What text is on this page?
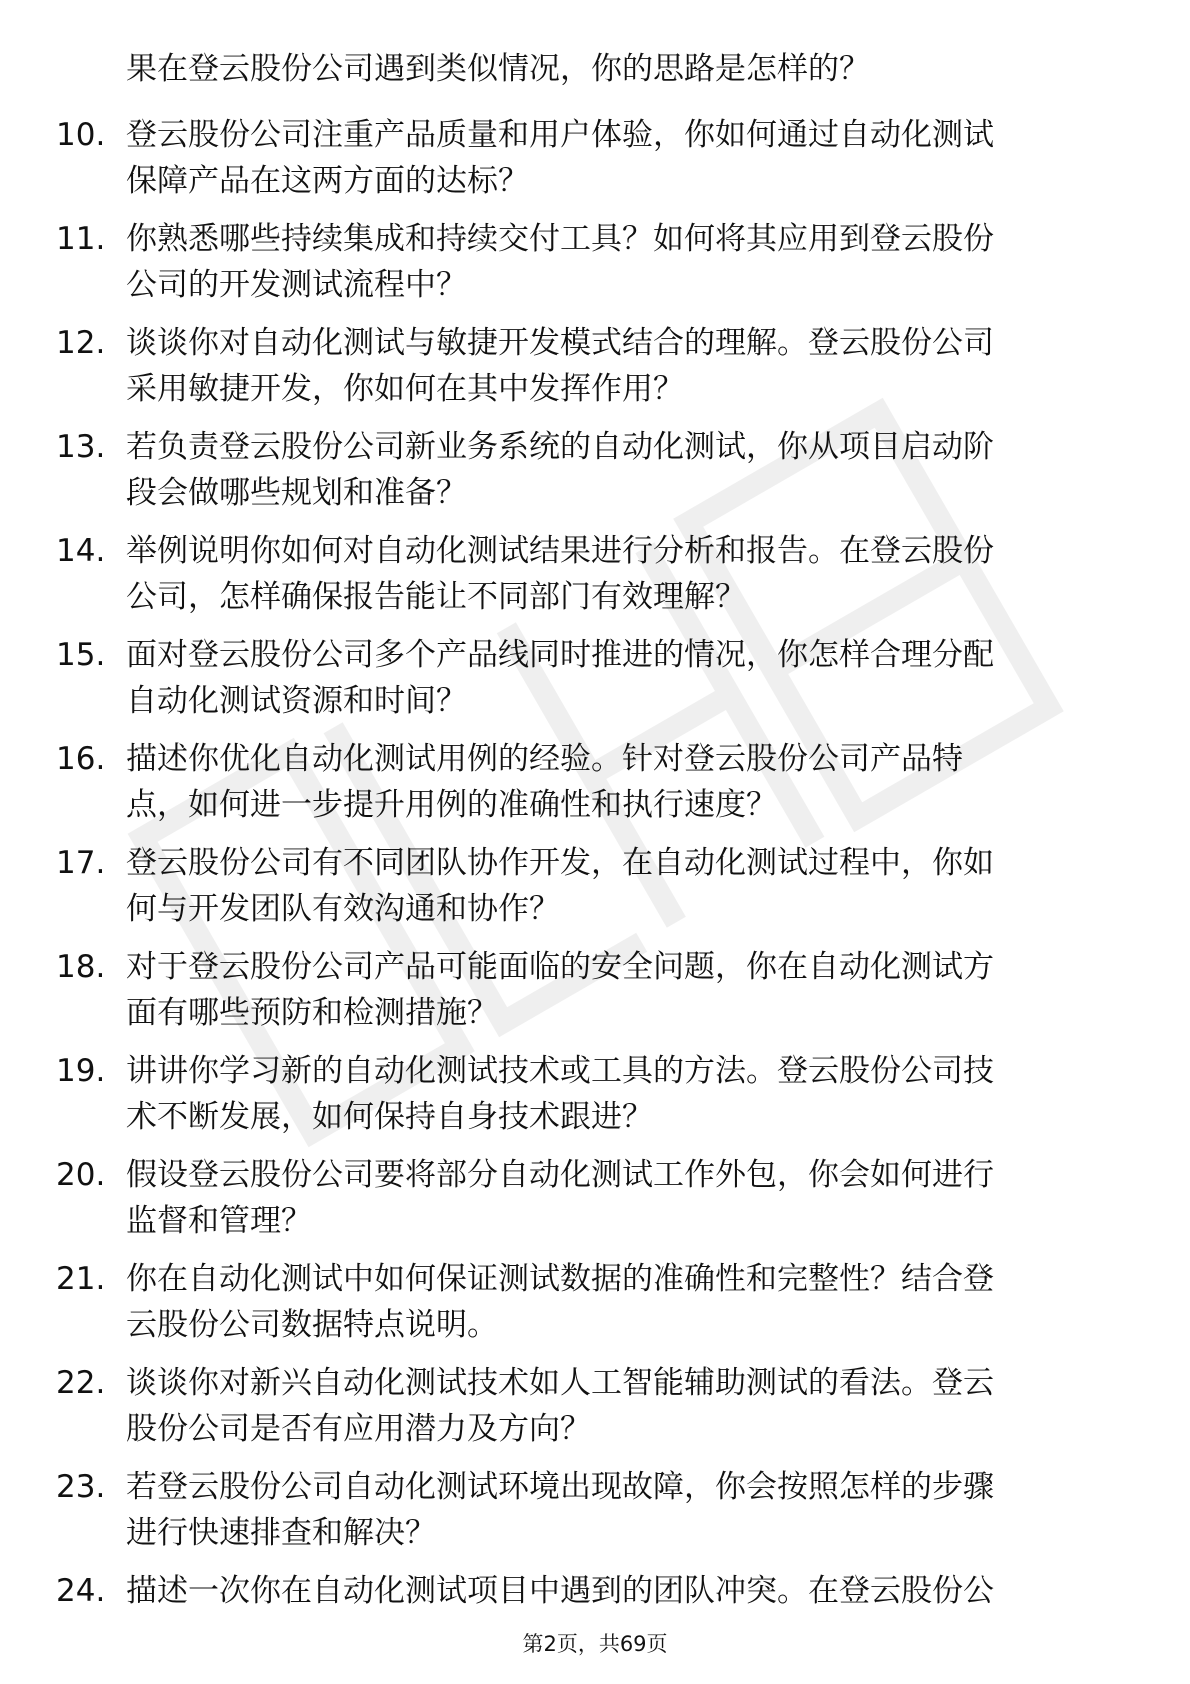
果在登云股份公司遇到类似情况，你的思路是怎样的？
10. 登云股份公司注重产品质量和用户体验，你如何通过自动化测试
保障产品在这两方面的达标？
11. 你熟悉哪些持续集成和持续交付工具？如何将其应用到登云股份
公司的开发测试流程中？
12. 谈谈你对自动化测试与敏捷开发模式结合的理解。登云股份公司
采用敏捷开发，你如何在其中发挥作用？
13. 若负责登云股份公司新业务系统的自动化测试，你从项目启动阶
段会做哪些规划和准备？
14. 举例说明你如何对自动化测试结果进行分析和报告。在登云股份
公司，怎样确保报告能让不同部门有效理解？
15. 面对登云股份公司多个产品线同时推进的情况，你怎样合理分配
自动化测试资源和时间？
16. 描述你优化自动化测试用例的经验。针对登云股份公司产品特
点，如何进一步提升用例的准确性和执行速度？
17. 登云股份公司有不同团队协作开发，在自动化测试过程中，你如
何与开发团队有效沟通和协作？
18. 对于登云股份公司产品可能面临的安全问题，你在自动化测试方
面有哪些预防和检测措施？
19. 讲讲你学习新的自动化测试技术或工具的方法。登云股份公司技
术不断发展，如何保持自身技术跟进？
20. 假设登云股份公司要将部分自动化测试工作外包，你会如何进行
监督和管理？
21. 你在自动化测试中如何保证测试数据的准确性和完整性？结合登
云股份公司数据特点说明。
22. 谈谈你对新兴自动化测试技术如人工智能辅助测试的看法。登云
股份公司是否有应用潜力及方向？
23. 若登云股份公司自动化测试环境出现故障，你会按照怎样的步骤
进行快速排查和解决？
24. 描述一次你在自动化测试项目中遇到的团队冲突。在登云股份公
第2页，共69页
